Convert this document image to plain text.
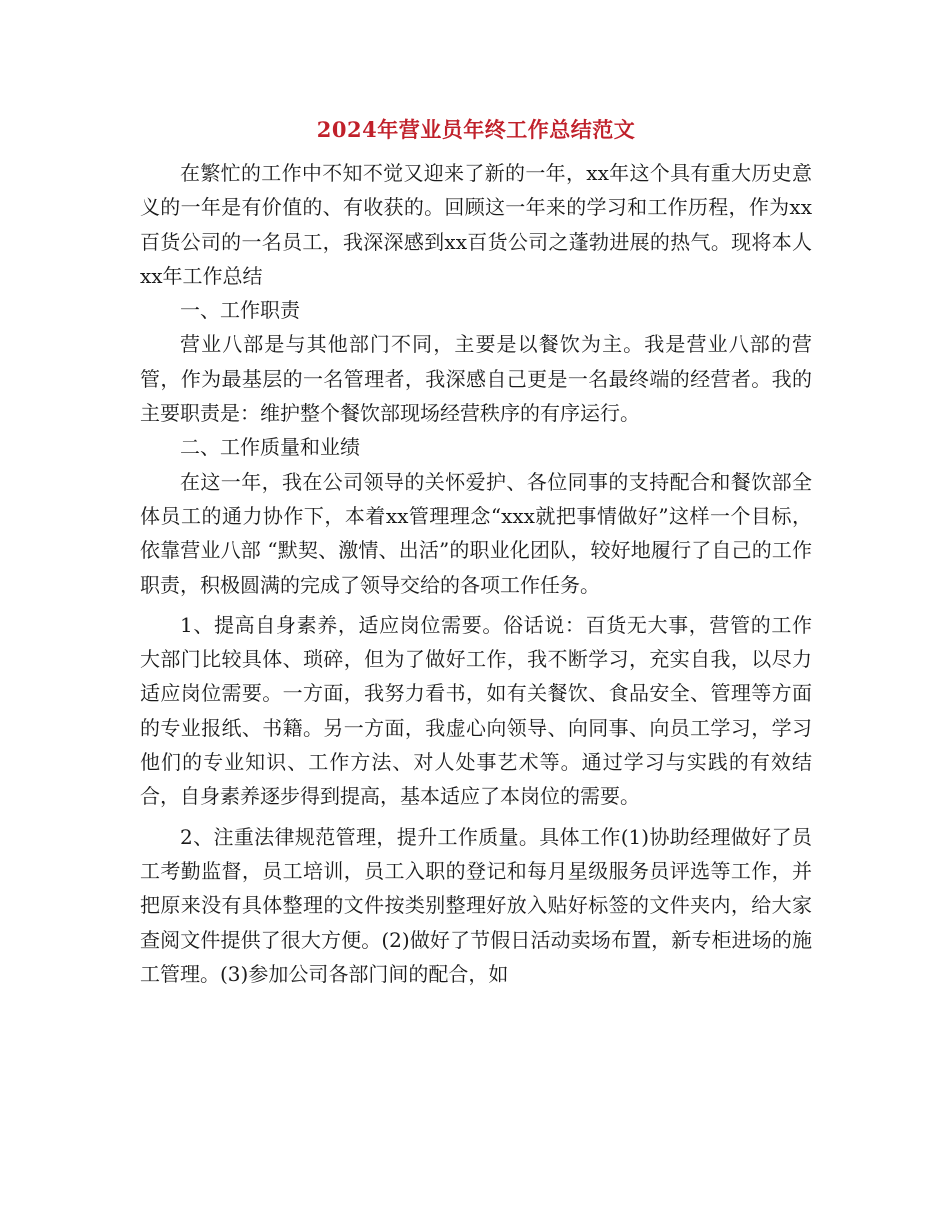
2024年营业员年终工作总结范文

在繁忙的工作中不知不觉又迎来了新的一年，xx年这个具有重大历史意义的一年是有价值的、有收获的。回顾这一年来的学习和工作历程，作为xx百货公司的一名员工，我深深感到xx百货公司之蓬勃进展的热气。现将本人xx年工作总结

一、工作职责

营业八部是与其他部门不同，主要是以餐饮为主。我是营业八部的营管，作为最基层的一名管理者，我深感自己更是一名最终端的经营者。我的主要职责是：维护整个餐饮部现场经营秩序的有序运行。

二、工作质量和业绩

在这一年，我在公司领导的关怀爱护、各位同事的支持配合和餐饮部全体员工的通力协作下，本着xx管理理念“xxx就把事情做好”这样一个目标，依靠营业八部 “默契、激情、出活”的职业化团队，较好地履行了自己的工作职责，积极圆满的完成了领导交给的各项工作任务。

1、提高自身素养，适应岗位需要。俗话说：百货无大事，营管的工作大部门比较具体、琐碎，但为了做好工作，我不断学习，充实自我，以尽力适应岗位需要。一方面，我努力看书，如有关餐饮、食品安全、管理等方面的专业报纸、书籍。另一方面，我虚心向领导、向同事、向员工学习，学习他们的专业知识、工作方法、对人处事艺术等。通过学习与实践的有效结合，自身素养逐步得到提高，基本适应了本岗位的需要。

2、注重法律规范管理，提升工作质量。具体工作(1)协助经理做好了员工考勤监督，员工培训，员工入职的登记和每月星级服务员评选等工作，并把原来没有具体整理的文件按类别整理好放入贴好标签的文件夹内，给大家查阅文件提供了很大方便。(2)做好了节假日活动卖场布置，新专柜进场的施工管理。(3)参加公司各部门间的配合，如
